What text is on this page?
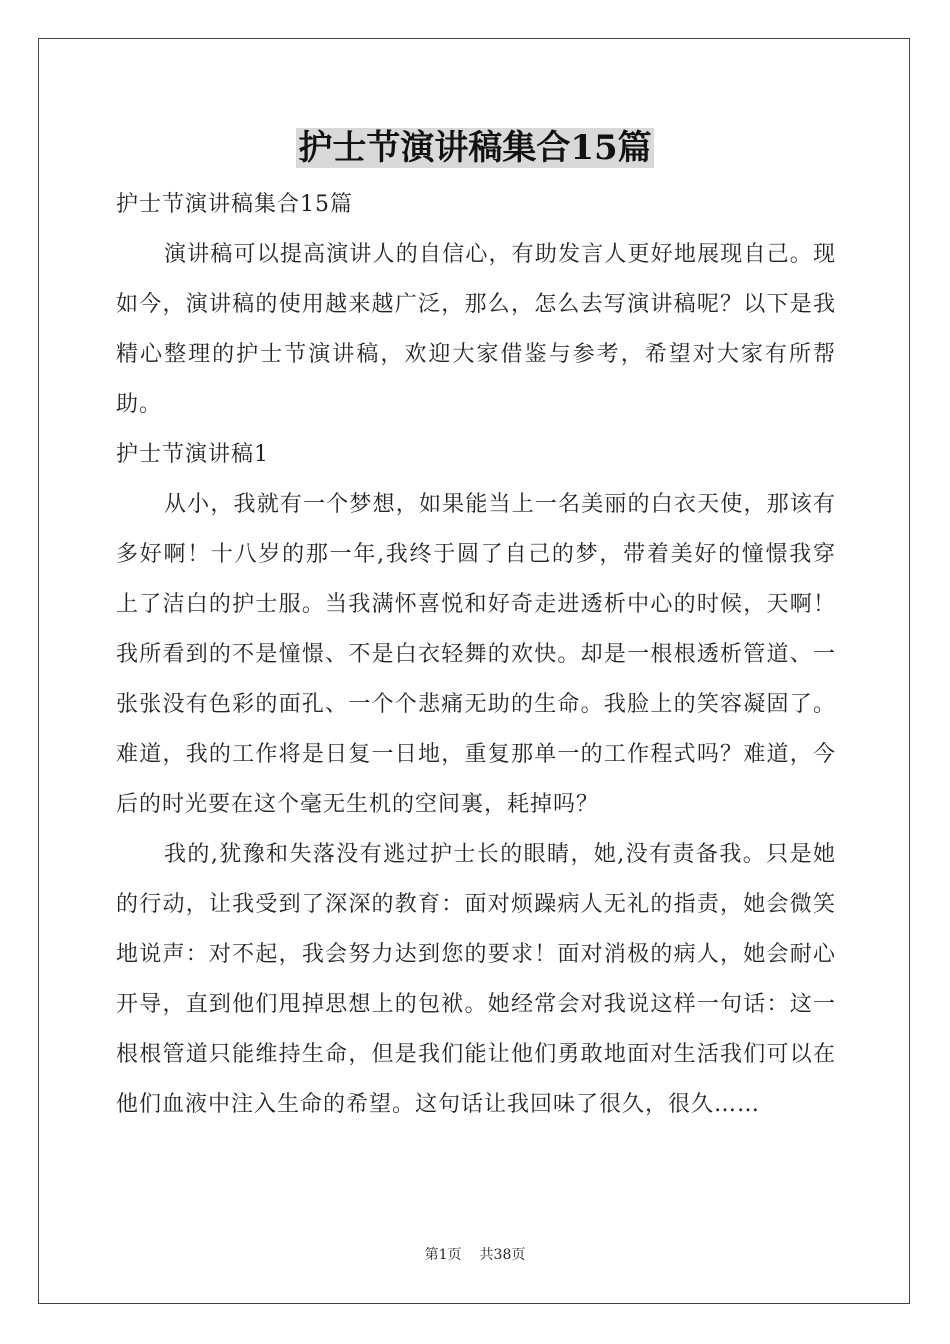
护士节演讲稿集合15篇

护士节演讲稿集合15篇

演讲稿可以提高演讲人的自信心，有助发言人更好地展现自己。现如今，演讲稿的使用越来越广泛，那么，怎么去写演讲稿呢？以下是我精心整理的护士节演讲稿，欢迎大家借鉴与参考，希望对大家有所帮助。

护士节演讲稿1

从小，我就有一个梦想，如果能当上一名美丽的白衣天使，那该有多好啊！十八岁的那一年,我终于圆了自己的梦，带着美好的憧憬我穿上了洁白的护士服。当我满怀喜悦和好奇走进透析中心的时候，天啊！我所看到的不是憧憬、不是白衣轻舞的欢快。却是一根根透析管道、一张张没有色彩的面孔、一个个悲痛无助的生命。我脸上的笑容凝固了。难道，我的工作将是日复一日地，重复那单一的工作程式吗？难道，今后的时光要在这个毫无生机的空间裏，耗掉吗？

我的,犹豫和失落没有逃过护士长的眼睛，她,没有责备我。只是她的行动，让我受到了深深的教育：面对烦躁病人无礼的指责，她会微笑地说声：对不起，我会努力达到您的要求！面对消极的病人，她会耐心开导，直到他们甩掉思想上的包袱。她经常会对我说这样一句话：这一根根管道只能维持生命，但是我们能让他们勇敢地面对生活我们可以在他们血液中注入生命的希望。这句话让我回味了很久，很久……

第1页 共38页
